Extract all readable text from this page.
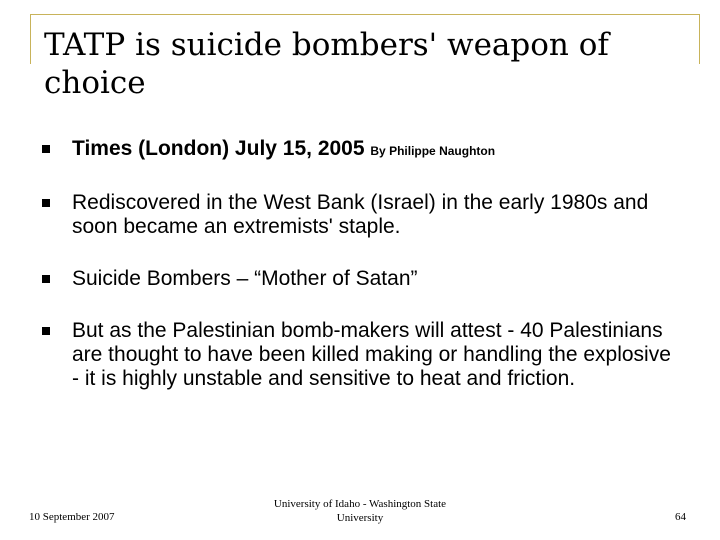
TATP is suicide bombers' weapon of choice
Times (London) July 15, 2005 By Philippe Naughton
Rediscovered in the West Bank (Israel) in the early 1980s and soon became an extremists' staple.
Suicide Bombers – “Mother of Satan”
But as the Palestinian bomb-makers will attest - 40 Palestinians are thought to have been killed making or handling the explosive - it is highly unstable and sensitive to heat and friction.
10 September 2007
University of Idaho - Washington State
University	64
